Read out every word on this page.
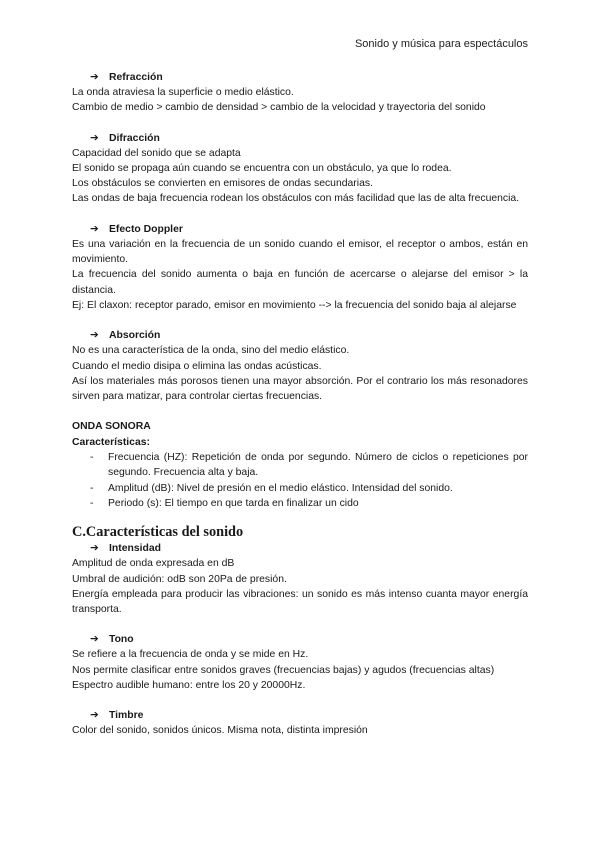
Sonido y música para espectáculos
➔ Refracción

La onda atraviesa la superficie o medio elástico.

Cambio de medio > cambio de densidad > cambio de la velocidad y trayectoria del sonido

➔ Difracción

Capacidad del sonido que se adapta

El sonido se propaga aún cuando se encuentra con un obstáculo, ya que lo rodea.

Los obstáculos se convierten en emisores de ondas secundarias.

Las ondas de baja frecuencia rodean los obstáculos con más facilidad que las de alta frecuencia.

➔ Efecto Doppler

Es una variación en la frecuencia de un sonido cuando el emisor, el receptor o ambos, están en movimiento.

La frecuencia del sonido aumenta o baja en función de acercarse o alejarse del emisor > la distancia.

Ej: El claxon: receptor parado, emisor en movimiento --> la frecuencia del sonido baja al alejarse

➔ Absorción

No es una característica de la onda, sino del medio elástico.

Cuando el medio disipa o elimina las ondas acústicas.

Así los materiales más porosos tienen una mayor absorción. Por el contrario los más resonadores sirven para matizar, para controlar ciertas frecuencias.

ONDA SONORA
Características:
- Frecuencia (HZ): Repetición de onda por segundo. Número de ciclos o repeticiones por segundo. Frecuencia alta y baja.
- Amplitud (dB): Nivel de presión en el medio elástico. Intensidad del sonido.
- Periodo (s): El tiempo en que tarda en finalizar un cido
C.Características del sonido
➔ Intensidad

Amplitud de onda expresada en dB

Umbral de audición: odB son 20Pa de presión.

Energía empleada para producir las vibraciones: un sonido es más intenso cuanta mayor energía transporta.

➔ Tono

Se refiere a la frecuencia de onda y se mide en Hz.

Nos permite clasificar entre sonidos graves (frecuencias bajas) y agudos (frecuencias altas)

Espectro audible humano: entre los 20 y 20000Hz.

➔ Timbre

Color del sonido, sonidos únicos. Misma nota, distinta impresión
